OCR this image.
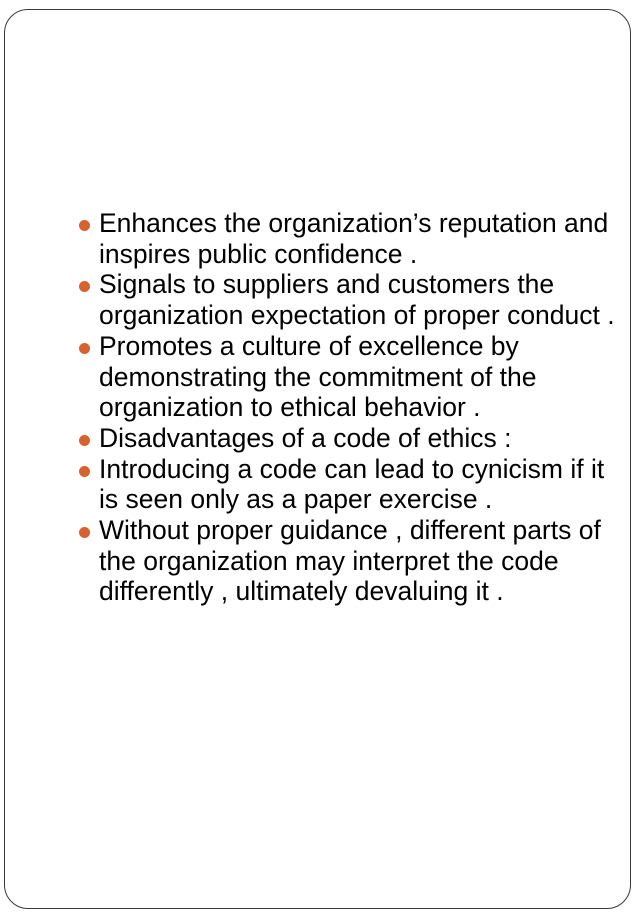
Enhances the organization’s reputation and inspires public confidence .
Signals to suppliers and customers the organization expectation of proper conduct .
Promotes a culture of excellence by demonstrating the commitment of the organization to ethical behavior .
Disadvantages of a code of ethics :
Introducing a code can lead to cynicism if it is seen only as a paper exercise .
Without proper guidance , different parts of the organization may interpret the code differently , ultimately devaluing it .
